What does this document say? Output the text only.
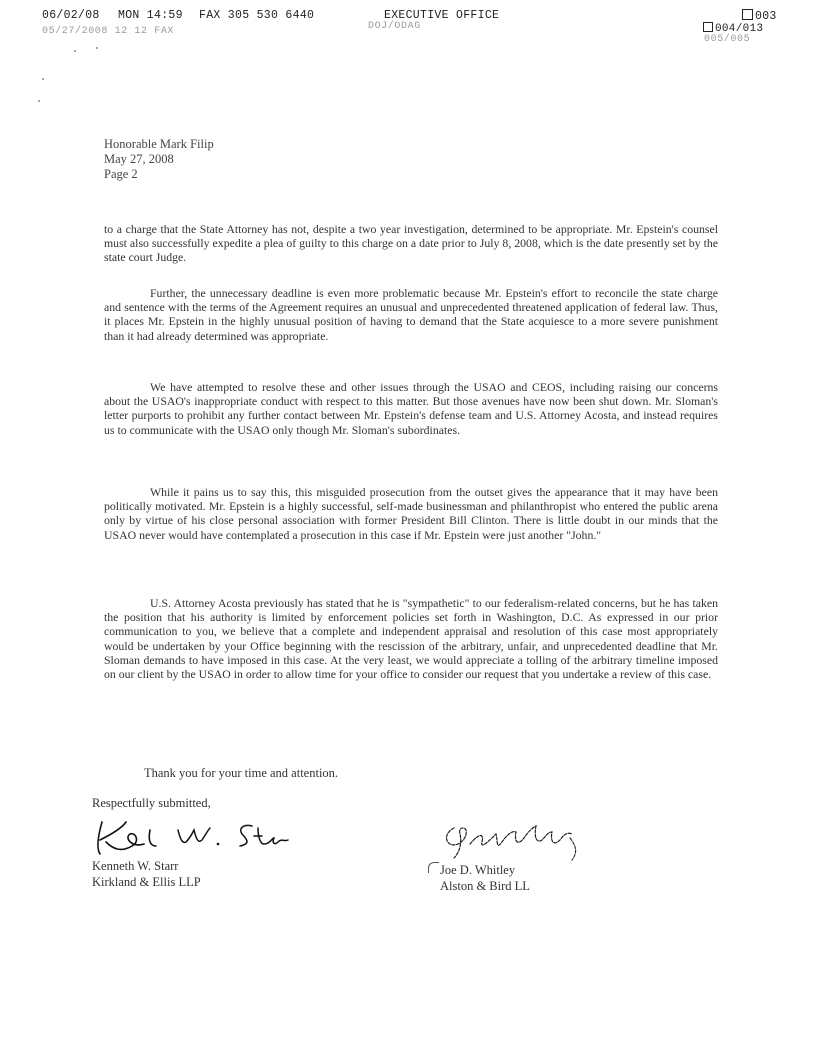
06/02/08 MON 14:59 FAX 305 530 6440	EXECUTIVE OFFICE	003
004/013
05/27/2008 12 12 FAX	DOJ/ODAG
005/005
Honorable Mark Filip
May 27, 2008
Page 2

to a charge that the State Attorney has not, despite a two year investigation, determined to be appropriate. Mr. Epstein's counsel must also successfully expedite a plea of guilty to this charge on a date prior to July 8, 2008, which is the date presently set by the state court Judge.

Further, the unnecessary deadline is even more problematic because Mr. Epstein's effort to reconcile the state charge and sentence with the terms of the Agreement requires an unusual and unprecedented threatened application of federal law. Thus, it places Mr. Epstein in the highly unusual position of having to demand that the State acquiesce to a more severe punishment than it had already determined was appropriate.

We have attempted to resolve these and other issues through the USAO and CEOS, including raising our concerns about the USAO's inappropriate conduct with respect to this matter. But those avenues have now been shut down. Mr. Sloman's letter purports to prohibit any further contact between Mr. Epstein's defense team and U.S. Attorney Acosta, and instead requires us to communicate with the USAO only though Mr. Sloman's subordinates.

While it pains us to say this, this misguided prosecution from the outset gives the appearance that it may have been politically motivated. Mr. Epstein is a highly successful, self-made businessman and philanthropist who entered the public arena only by virtue of his close personal association with former President Bill Clinton. There is little doubt in our minds that the USAO never would have contemplated a prosecution in this case if Mr. Epstein were just another "John."

U.S. Attorney Acosta previously has stated that he is "sympathetic" to our federalism-related concerns, but he has taken the position that his authority is limited by enforcement policies set forth in Washington, D.C. As expressed in our prior communication to you, we believe that a complete and independent appraisal and resolution of this case most appropriately would be undertaken by your Office beginning with the rescission of the arbitrary, unfair, and unprecedented deadline that Mr. Sloman demands to have imposed in this case. At the very least, we would appreciate a tolling of the arbitrary timeline imposed on our client by the USAO in order to allow time for your office to consider our request that you undertake a review of this case.

Thank you for your time and attention.
Respectfully submitted,
Kenneth W. Starr
Kirkland & Ellis LLP
Joe D. Whitley
Alston & Bird LL
